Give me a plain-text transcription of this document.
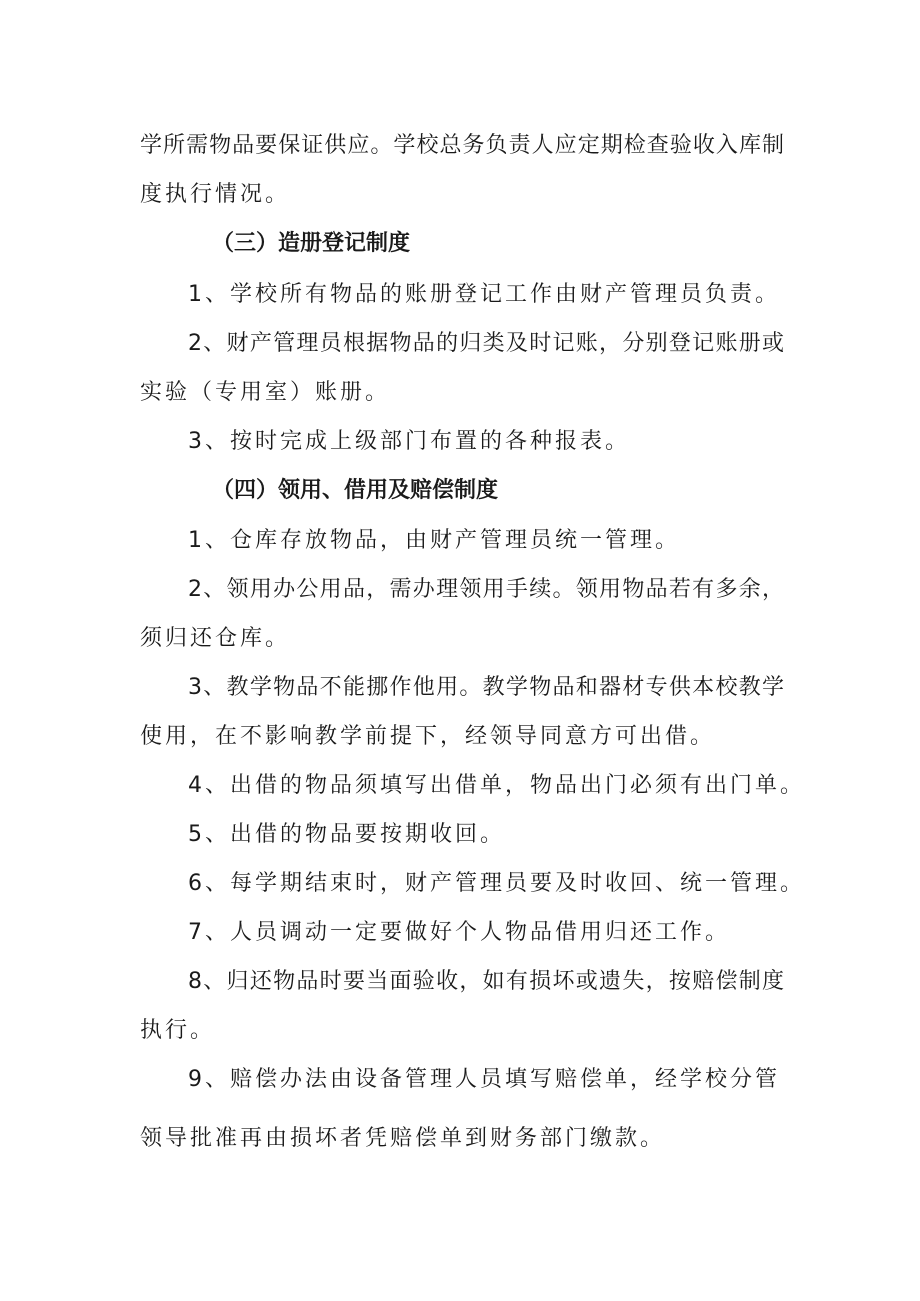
学所需物品要保证供应。学校总务负责人应定期检查验收入库制
度执行情况。
（三）造册登记制度
1、学校所有物品的账册登记工作由财产管理员负责。
2、财产管理员根据物品的归类及时记账，分别登记账册或
实验（专用室）账册。
3、按时完成上级部门布置的各种报表。
（四）领用、借用及赔偿制度
1、仓库存放物品，由财产管理员统一管理。
2、领用办公用品，需办理领用手续。领用物品若有多余，
须归还仓库。
3、教学物品不能挪作他用。教学物品和器材专供本校教学
使用，在不影响教学前提下，经领导同意方可出借。
4、出借的物品须填写出借单，物品出门必须有出门单。
5、出借的物品要按期收回。
6、每学期结束时，财产管理员要及时收回、统一管理。
7、人员调动一定要做好个人物品借用归还工作。
8、归还物品时要当面验收，如有损坏或遗失，按赔偿制度
执行。
9、赔偿办法由设备管理人员填写赔偿单，经学校分管
领导批准再由损坏者凭赔偿单到财务部门缴款。
